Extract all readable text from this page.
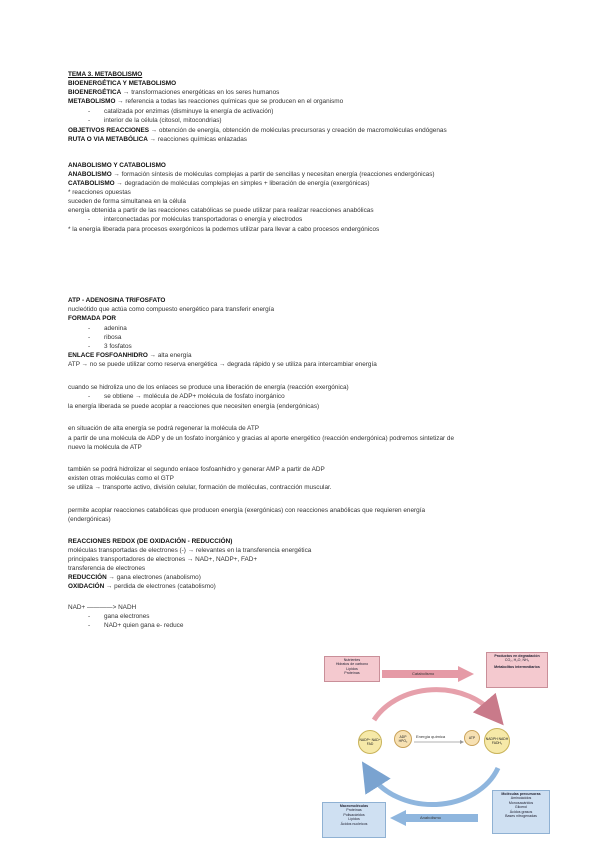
TEMA 3. METABOLISMO
BIOENERGÉTICA Y METABOLISMO
BIOENERGÉTICA → transformaciones energéticas en los seres humanos
METABOLISMO → referencia a todas las reacciones químicas que se producen en el organismo
- catalizada por enzimas (disminuye la energía de activación)
- interior de la célula (citosol, mitocondrias)
OBJETIVOS REACCIONES → obtención de energía, obtención de moléculas precursoras y creación de macromoléculas endógenas
RUTA O VIA METABÓLICA → reacciones químicas enlazadas
ANABOLISMO Y CATABOLISMO
ANABOLISMO → formación síntesis de moléculas complejas a partir de sencillas y necesitan energía (reacciones endergónicas)
CATABOLISMO → degradación de moléculas complejas en simples + liberación de energía (exergónicas)
* reacciones opuestas
suceden de forma simultanea en la célula
energía obtenida a partir de las reacciones catabólicas se puede utilizar para realizar reacciones anabólicas
- interconectadas por moléculas transportadoras o energía y electrodos
* la energía liberada para procesos exergónicos la podemos utilizar para llevar a cabo procesos endergónicos
ATP - ADENOSINA TRIFOSFATO
nucleótido que actúa como compuesto energético para transferir energía
FORMADA POR
- adenina
- ribosa
- 3 fosfatos
ENLACE FOSFOANHIDRO → alta energía
ATP → no se puede utilizar como reserva energética → degrada rápido y se utiliza para intercambiar energía
cuando se hidroliza uno de los enlaces se produce una liberación de energía (reacción exergónica)
- se obtiene → molécula de ADP+ molécula de fosfato inorgánico
la energía liberada se puede acoplar a reacciones que necesiten energía (endergónicas)
en situación de alta energía se podrá regenerar la molécula de ATP
a partir de una molécula de ADP y de un fosfato inorgánico y gracias al aporte energético (reacción endergónica) podremos sintetizar de
nuevo la molécula de ATP
también se podrá hidrolizar el segundo enlace fosfoanhidro y generar AMP a partir de ADP
existen otras moléculas como el GTP
se utiliza → transporte activo, división celular, formación de moléculas, contracción muscular.
permite acoplar reacciones catabólicas que producen energía (exergónicas) con reacciones anabólicas que requieren energía
(endergónicas)
REACCIONES REDOX (DE OXIDACIÓN - REDUCCIÓN)
moléculas transportadas de electrones (-) → relevantes en la transferencia energética
principales transportadores de electrones → NAD+, NADP+, FAD+
transferencia de electrones
REDUCCIÓN → gana electrones (anabolismo)
OXIDACIÓN → perdida de electrones (catabolismo)
NAD+ ————> NADH
- gana electrones
- NAD+ quien gana e- reduce
Nutrientes
Hidratos de carbono
Lípidos
Proteínas
Productos en degradación
CO₂, H₂O, NH₃
Metabolitos intermediarios
Catabolismo
Energía química
NADP⁺ NAD⁺ FAD
ADP HPO₄
ATP	NADPH NADH FADH₂
Moléculas precursoras
Aminoácidos
Monosacáridos
Glicerol
Ácidos grasos
Bases nitrogenadas
Macromoléculas
Proteínas
Polisacáridos
Lípidos
Ácidos nucleicos
Anabolismo
